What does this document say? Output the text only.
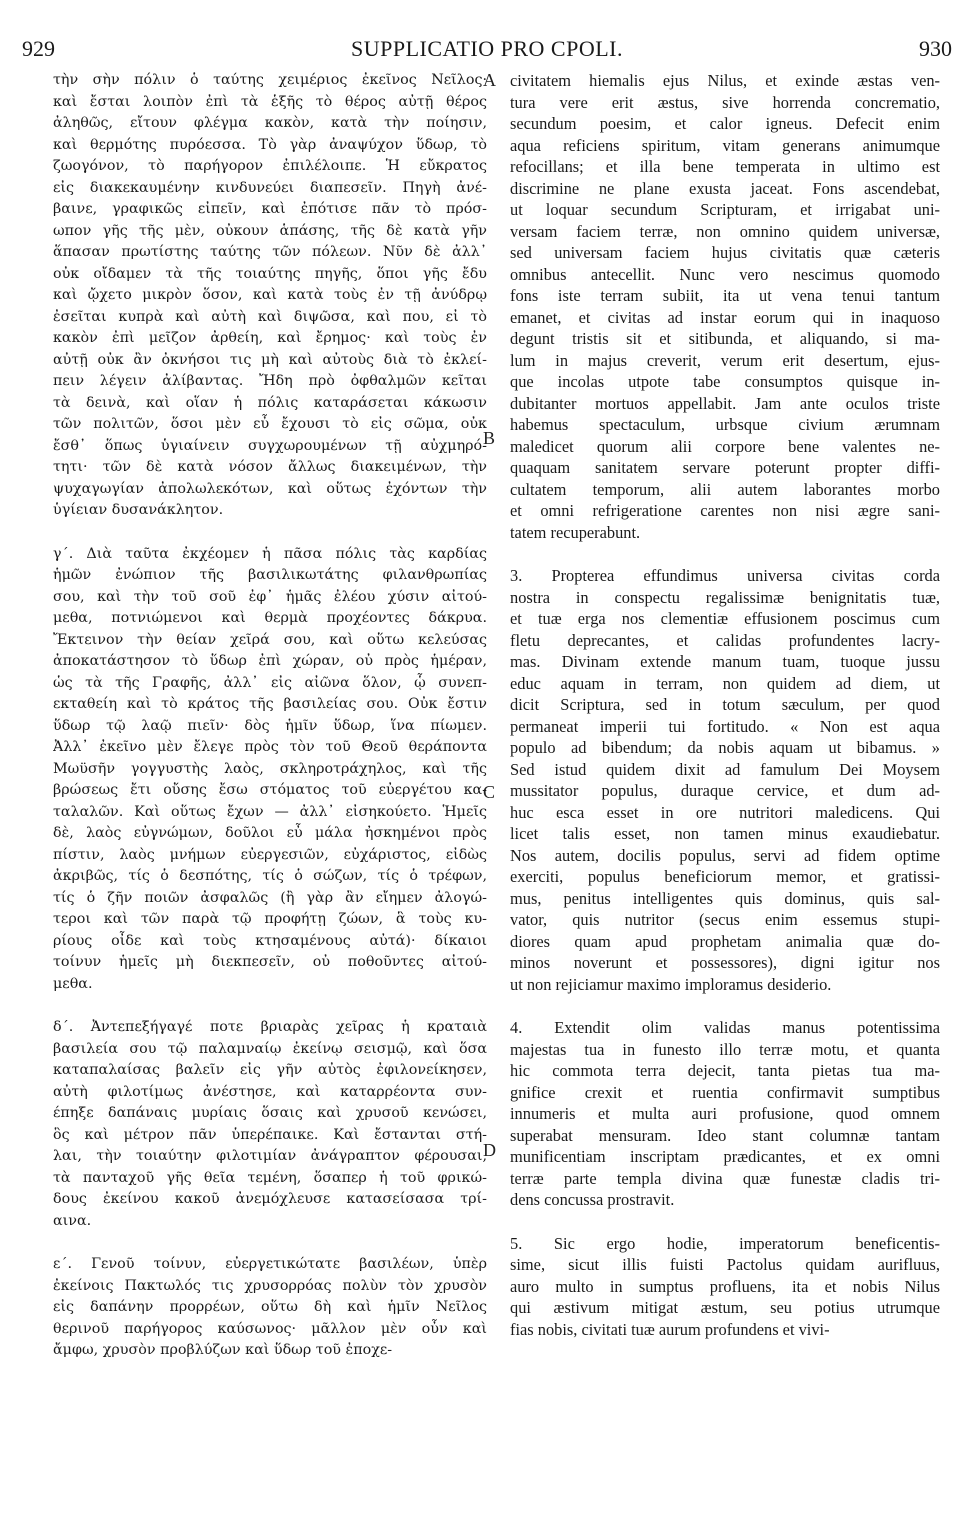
929	SUPPLICATIO PRO CPOLI.	930
A
B
C
D
τὴν σὴν πόλιν ὁ ταύτης χειμέριος ἐκεῖνος Νεῖλος·
καὶ ἔσται λοιπὸν ἐπὶ τὰ ἑξῆς τὸ θέρος αὐτῇ θέρος
ἀληθῶς, εἴτουν φλέγμα κακὸν, κατὰ τὴν ποίησιν,
καὶ θερμότης πυρόεσσα. Τὸ γὰρ ἀναψύχον ὕδωρ, τὸ
ζωογόνον, τὸ παρήγορον ἐπιλέλοιπε. Ἡ εὔκρατος
εἰς διακεκαυμένην κινδυνεύει διαπεσεῖν. Πηγὴ ἀνέ-
βαινε, γραφικῶς εἰπεῖν, καὶ ἐπότισε πᾶν τὸ πρόσ-
ωπον γῆς τῆς μὲν, οὐκουν ἁπάσης, τῆς δὲ κατὰ γῆν
ἅπασαν πρωτίστης ταύτης τῶν πόλεων. Νῦν δὲ ἀλλ᾽
οὐκ οἴδαμεν τὰ τῆς τοιαύτης πηγῆς, ὅποι γῆς ἔδυ
καὶ ᾤχετο μικρὸν ὅσον, καὶ κατὰ τοὺς ἐν τῇ ἀνύδρῳ
ἐσεῖται κυπρὰ καὶ αὐτὴ καὶ διψῶσα, καὶ που, εἰ τὸ
κακὸν ἐπὶ μεῖζον ἀρθείη, καὶ ἔρημος· καὶ τοὺς ἐν
αὐτῇ οὐκ ἂν ὀκνήσοι τις μὴ καὶ αὐτοὺς διὰ τὸ ἐκλεί-
πειν λέγειν ἀλίβαντας. Ἤδη πρὸ ὀφθαλμῶν κεῖται
τὰ δεινὰ, καὶ οἵαν ἡ πόλις καταράσεται κάκωσιν
τῶν πολιτῶν, ὅσοι μὲν εὖ ἔχουσι τὸ εἰς σῶμα, οὐκ
ἔσθ᾽ ὅπως ὑγιαίνειν συγχωρουμένων τῇ αὐχμηρό-
τητι· τῶν δὲ κατὰ νόσον ἄλλως διακειμένων, τὴν
ψυχαγωγίαν ἀπολωλεκότων, καὶ οὕτως ἐχόντων τὴν
ὑγίειαν δυσανάκλητον.
γ΄. Διὰ ταῦτα ἐκχέομεν ἡ πᾶσα πόλις τὰς καρδίας
ἡμῶν ἐνώπιον τῆς βασιλικωτάτης φιλανθρωπίας
σου, καὶ τὴν τοῦ σοῦ ἐφ᾽ ἡμᾶς ἐλέου χύσιν αἰτού-
μεθα, ποτνιώμενοι καὶ θερμὰ προχέοντες δάκρυα.
Ἔκτεινον τὴν θείαν χεῖρά σου, καὶ οὕτω κελεύσας
ἀποκατάστησον τὸ ὕδωρ ἐπὶ χώραν, οὐ πρὸς ἡμέραν,
ὡς τὰ τῆς Γραφῆς, ἀλλ᾽ εἰς αἰῶνα ὅλον, ᾧ συνεπ-
εκταθείη καὶ τὸ κράτος τῆς βασιλείας σου. Οὐκ ἔστιν
ὕδωρ τῷ λαῷ πιεῖν· δὸς ἡμῖν ὕδωρ, ἵνα πίωμεν.
Ἀλλ᾽ ἐκεῖνο μὲν ἔλεγε πρὸς τὸν τοῦ Θεοῦ θεράποντα
Μωϋσῆν γογγυστὴς λαὸς, σκληροτράχηλος, καὶ τῆς
βρώσεως ἔτι οὔσης ἔσω στόματος τοῦ εὐεργέτου κα-
ταλαλῶν. Καὶ οὕτως ἔχων — ἀλλ᾽ εἰσηκούετο. Ἡμεῖς
δὲ, λαὸς εὐγνώμων, δοῦλοι εὖ μάλα ἠσκημένοι πρὸς
πίστιν, λαὸς μνήμων εὐεργεσιῶν, εὐχάριστος, εἰδὼς
ἀκριβῶς, τίς ὁ δεσπότης, τίς ὁ σώζων, τίς ὁ τρέφων,
τίς ὁ ζῆν ποιῶν ἀσφαλῶς (ἢ γὰρ ἂν εἴημεν ἀλογώ-
τεροι καὶ τῶν παρὰ τῷ προφήτῃ ζώων, ἃ τοὺς κυ-
ρίους οἶδε καὶ τοὺς κτησαμένους αὐτά)· δίκαιοι
τοίνυν ἡμεῖς μὴ διεκπεσεῖν, οὐ ποθοῦντες αἰτού-
μεθα.
δ΄. Ἀντεπεξήγαγέ ποτε βριαρὰς χεῖρας ἡ κραταιὰ
βασιλεία σου τῷ παλαμναίῳ ἐκείνῳ σεισμῷ, καὶ ὅσα
καταπαλαίσας βαλεῖν εἰς γῆν αὐτὸς ἐφιλονείκησεν,
αὐτὴ φιλοτίμως ἀνέστησε, καὶ καταρρέοντα συν-
έπηξε δαπάναις μυρίαις ὅσαις καὶ χρυσοῦ κενώσει,
ὃς καὶ μέτρον πᾶν ὑπερέπαικε. Καὶ ἔστανται στή-
λαι, τὴν τοιαύτην φιλοτιμίαν ἀνάγραπτον φέρουσαι,
τὰ πανταχοῦ γῆς θεῖα τεμένη, ὅσαπερ ἡ τοῦ φρικώ-
δους ἐκείνου κακοῦ ἀνεμόχλευσε κατασείσασα τρί-
αινα.
ε΄. Γενοῦ τοίνυν, εὐεργετικώτατε βασιλέων, ὑπὲρ
ἐκείνοις Πακτωλός τις χρυσορρόας πολὺν τὸν χρυσὸν
εἰς δαπάνην προρρέων, οὕτω δὴ καὶ ἡμῖν Νεῖλος
θερινοῦ παρήγορος καύσωνος· μᾶλλον μὲν οὖν καὶ
ἄμφω, χρυσὸν προβλύζων καὶ ὕδωρ τοῦ ἐποχε-
civitatem hiemalis ejus Nilus, et exinde æstas ven-
tura vere erit æstus, sive horrenda concrematio,
secundum poesim, et calor igneus. Defecit enim
aqua reficiens spiritum, vitam generans animumque
refocillans; et illa bene temperata in ultimo est
discrimine ne plane exusta jaceat. Fons ascendebat,
ut loquar secundum Scripturam, et irrigabat uni-
versam faciem terræ, non omnino quidem universæ,
sed universam faciem hujus civitatis quæ cæteris
omnibus antecellit. Nunc vero nescimus quomodo
fons iste terram subiit, ita ut vena tenui tantum
emanet, et civitas ad instar eorum qui in inaquoso
degunt tristis sit et sitibunda, et aliquando, si ma-
lum in majus creverit, verum erit desertum, ejus-
que incolas utpote tabe consumptos quisque in-
dubitanter mortuos appellabit. Jam ante oculos triste
habemus spectaculum, urbsque civium ærumnam
maledicet quorum alii corpore bene valentes ne-
quaquam sanitatem servare poterunt propter diffi-
cultatem temporum, alii autem laborantes morbo
et omni refrigeratione carentes non nisi ægre sani-
tatem recuperabunt.
3. Propterea effundimus universa civitas corda
nostra in conspectu regalissimæ benignitatis tuæ,
et tuæ erga nos clementiæ effusionem poscimus cum
fletu deprecantes, et calidas profundentes lacry-
mas. Divinam extende manum tuam, tuoque jussu
educ aquam in terram, non quidem ad diem, ut
dicit Scriptura, sed in totum sæculum, per quod
permaneat imperii tui fortitudo. « Non est aqua
populo ad bibendum; da nobis aquam ut bibamus. »
Sed istud quidem dixit ad famulum Dei Moysem
mussitator populus, duraque cervice, et dum ad-
huc esca esset in ore nutritori maledicens. Qui
licet talis esset, non tamen minus exaudiebatur.
Nos autem, docilis populus, servi ad fidem optime
exerciti, populus beneficiorum memor, et gratissi-
mus, penitus intelligentes quis dominus, quis sal-
vator, quis nutritor (secus enim essemus stupi-
diores quam apud prophetam animalia quæ do-
minos noverunt et possessores), digni igitur nos
ut non rejiciamur maximo imploramus desiderio.
4. Extendit olim validas manus potentissima
majestas tua in funesto illo terræ motu, et quanta
hic commota terra dejecit, tanta pietas tua ma-
gnifice crexit et ruentia confirmavit sumptibus
innumeris et multa auri profusione, quod omnem
superabat mensuram. Ideo stant columnæ tantam
munificentiam inscriptam prædicantes, et ex omni
terræ parte templa divina quæ funestæ cladis tri-
dens concussa prostravit.
5. Sic ergo hodie, imperatorum beneficentis-
sime, sicut illis fuisti Pactolus quidam aurifluus,
auro multo in sumptus profluens, ita et nobis Nilus
qui æstivum mitigat æstum, seu potius utrumque
fias nobis, civitati tuæ aurum profundens et vivi-
